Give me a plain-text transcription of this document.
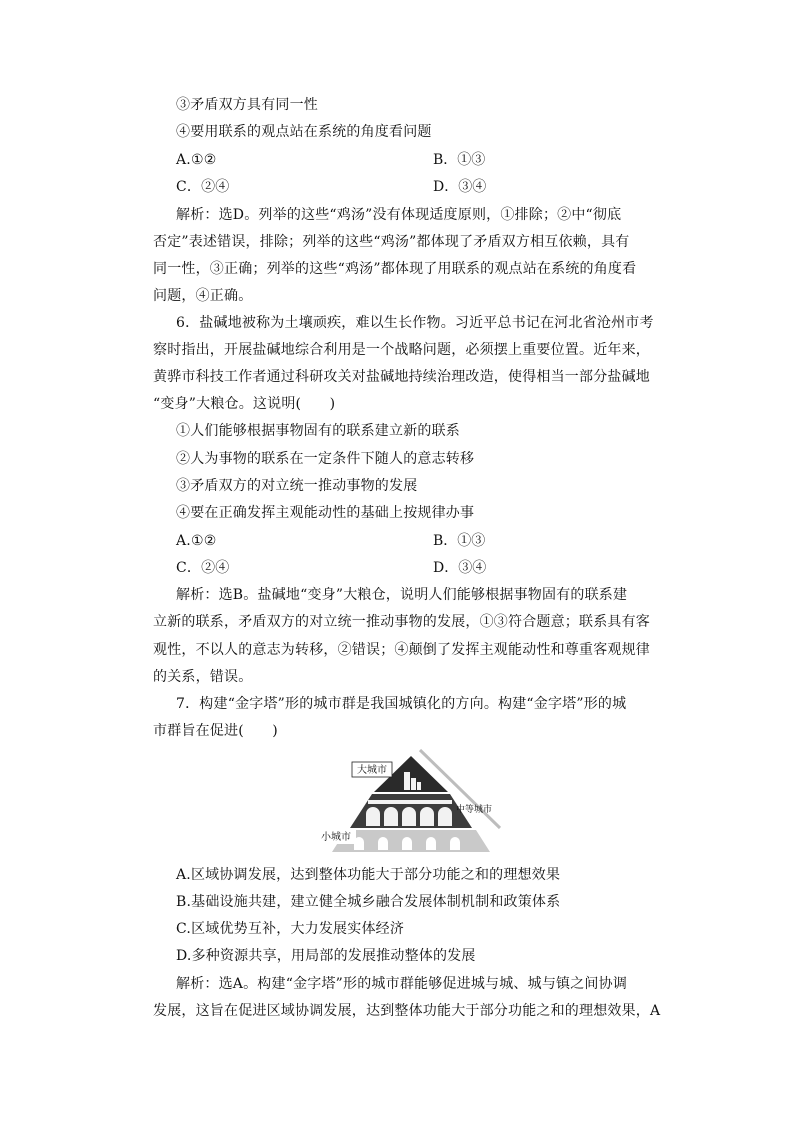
③矛盾双方具有同一性
④要用联系的观点站在系统的角度看问题
A.①②	B．①③
C．②④	D．③④
解析：选D。列举的这些“鸡汤”没有体现适度原则，①排除；②中“彻底
否定”表述错误，排除；列举的这些“鸡汤”都体现了矛盾双方相互依赖，具有
同一性，③正确；列举的这些“鸡汤”都体现了用联系的观点站在系统的角度看
问题，④正确。
6．盐碱地被称为土壤顽疾，难以生长作物。习近平总书记在河北省沧州市考
察时指出，开展盐碱地综合利用是一个战略问题，必须摆上重要位置。近年来，
黄骅市科技工作者通过科研攻关对盐碱地持续治理改造，使得相当一部分盐碱地
“变身”大粮仓。这说明(　　)
①人们能够根据事物固有的联系建立新的联系
②人为事物的联系在一定条件下随人的意志转移
③矛盾双方的对立统一推动事物的发展
④要在正确发挥主观能动性的基础上按规律办事
A.①②	B．①③
C．②④	D．③④
解析：选B。盐碱地“变身”大粮仓，说明人们能够根据事物固有的联系建
立新的联系，矛盾双方的对立统一推动事物的发展，①③符合题意；联系具有客
观性，不以人的意志为转移，②错误；④颠倒了发挥主观能动性和尊重客观规律
的关系，错误。
7．构建“金字塔”形的城市群是我国城镇化的方向。构建“金字塔”形的城
市群旨在促进(　　)
大城市
中等城市
小城市
A.区域协调发展，达到整体功能大于部分功能之和的理想效果
B.基础设施共建，建立健全城乡融合发展体制机制和政策体系
C.区域优势互补，大力发展实体经济
D.多种资源共享，用局部的发展推动整体的发展
解析：选A。构建“金字塔”形的城市群能够促进城与城、城与镇之间协调
发展，这旨在促进区域协调发展，达到整体功能大于部分功能之和的理想效果，A
